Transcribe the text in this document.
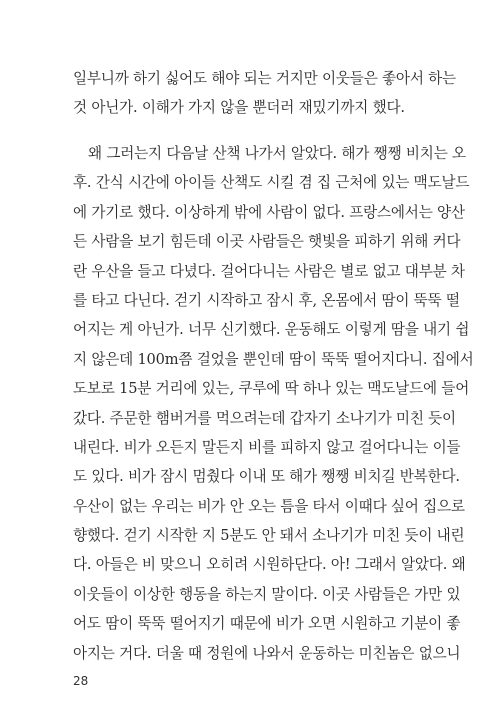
일부니까 하기 싫어도 해야 되는 거지만 이웃들은 좋아서 하는
것 아닌가. 이해가 가지 않을 뿐더러 재밌기까지 했다.

왜 그러는지 다음날 산책 나가서 알았다. 해가 쨍쨍 비치는 오
후. 간식 시간에 아이들 산책도 시킬 겸 집 근처에 있는 맥도날드
에 가기로 했다. 이상하게 밖에 사람이 없다. 프랑스에서는 양산
든 사람을 보기 힘든데 이곳 사람들은 햇빛을 피하기 위해 커다
란 우산을 들고 다녔다. 걸어다니는 사람은 별로 없고 대부분 차
를 타고 다닌다. 걷기 시작하고 잠시 후, 온몸에서 땀이 뚝뚝 떨
어지는 게 아닌가. 너무 신기했다. 운동해도 이렇게 땀을 내기 쉽
지 않은데 100m쯤 걸었을 뿐인데 땀이 뚝뚝 떨어지다니. 집에서
도보로 15분 거리에 있는, 쿠루에 딱 하나 있는 맥도날드에 들어
갔다. 주문한 햄버거를 먹으려는데 갑자기 소나기가 미친 듯이
내린다. 비가 오든지 말든지 비를 피하지 않고 걸어다니는 이들
도 있다. 비가 잠시 멈췄다 이내 또 해가 쨍쨍 비치길 반복한다.
우산이 없는 우리는 비가 안 오는 틈을 타서 이때다 싶어 집으로
향했다. 걷기 시작한 지 5분도 안 돼서 소나기가 미친 듯이 내린
다. 아들은 비 맞으니 오히려 시원하단다. 아! 그래서 알았다. 왜
이웃들이 이상한 행동을 하는지 말이다. 이곳 사람들은 가만 있
어도 땀이 뚝뚝 떨어지기 때문에 비가 오면 시원하고 기분이 좋
아지는 거다. 더울 때 정원에 나와서 운동하는 미친놈은 없으니

28
